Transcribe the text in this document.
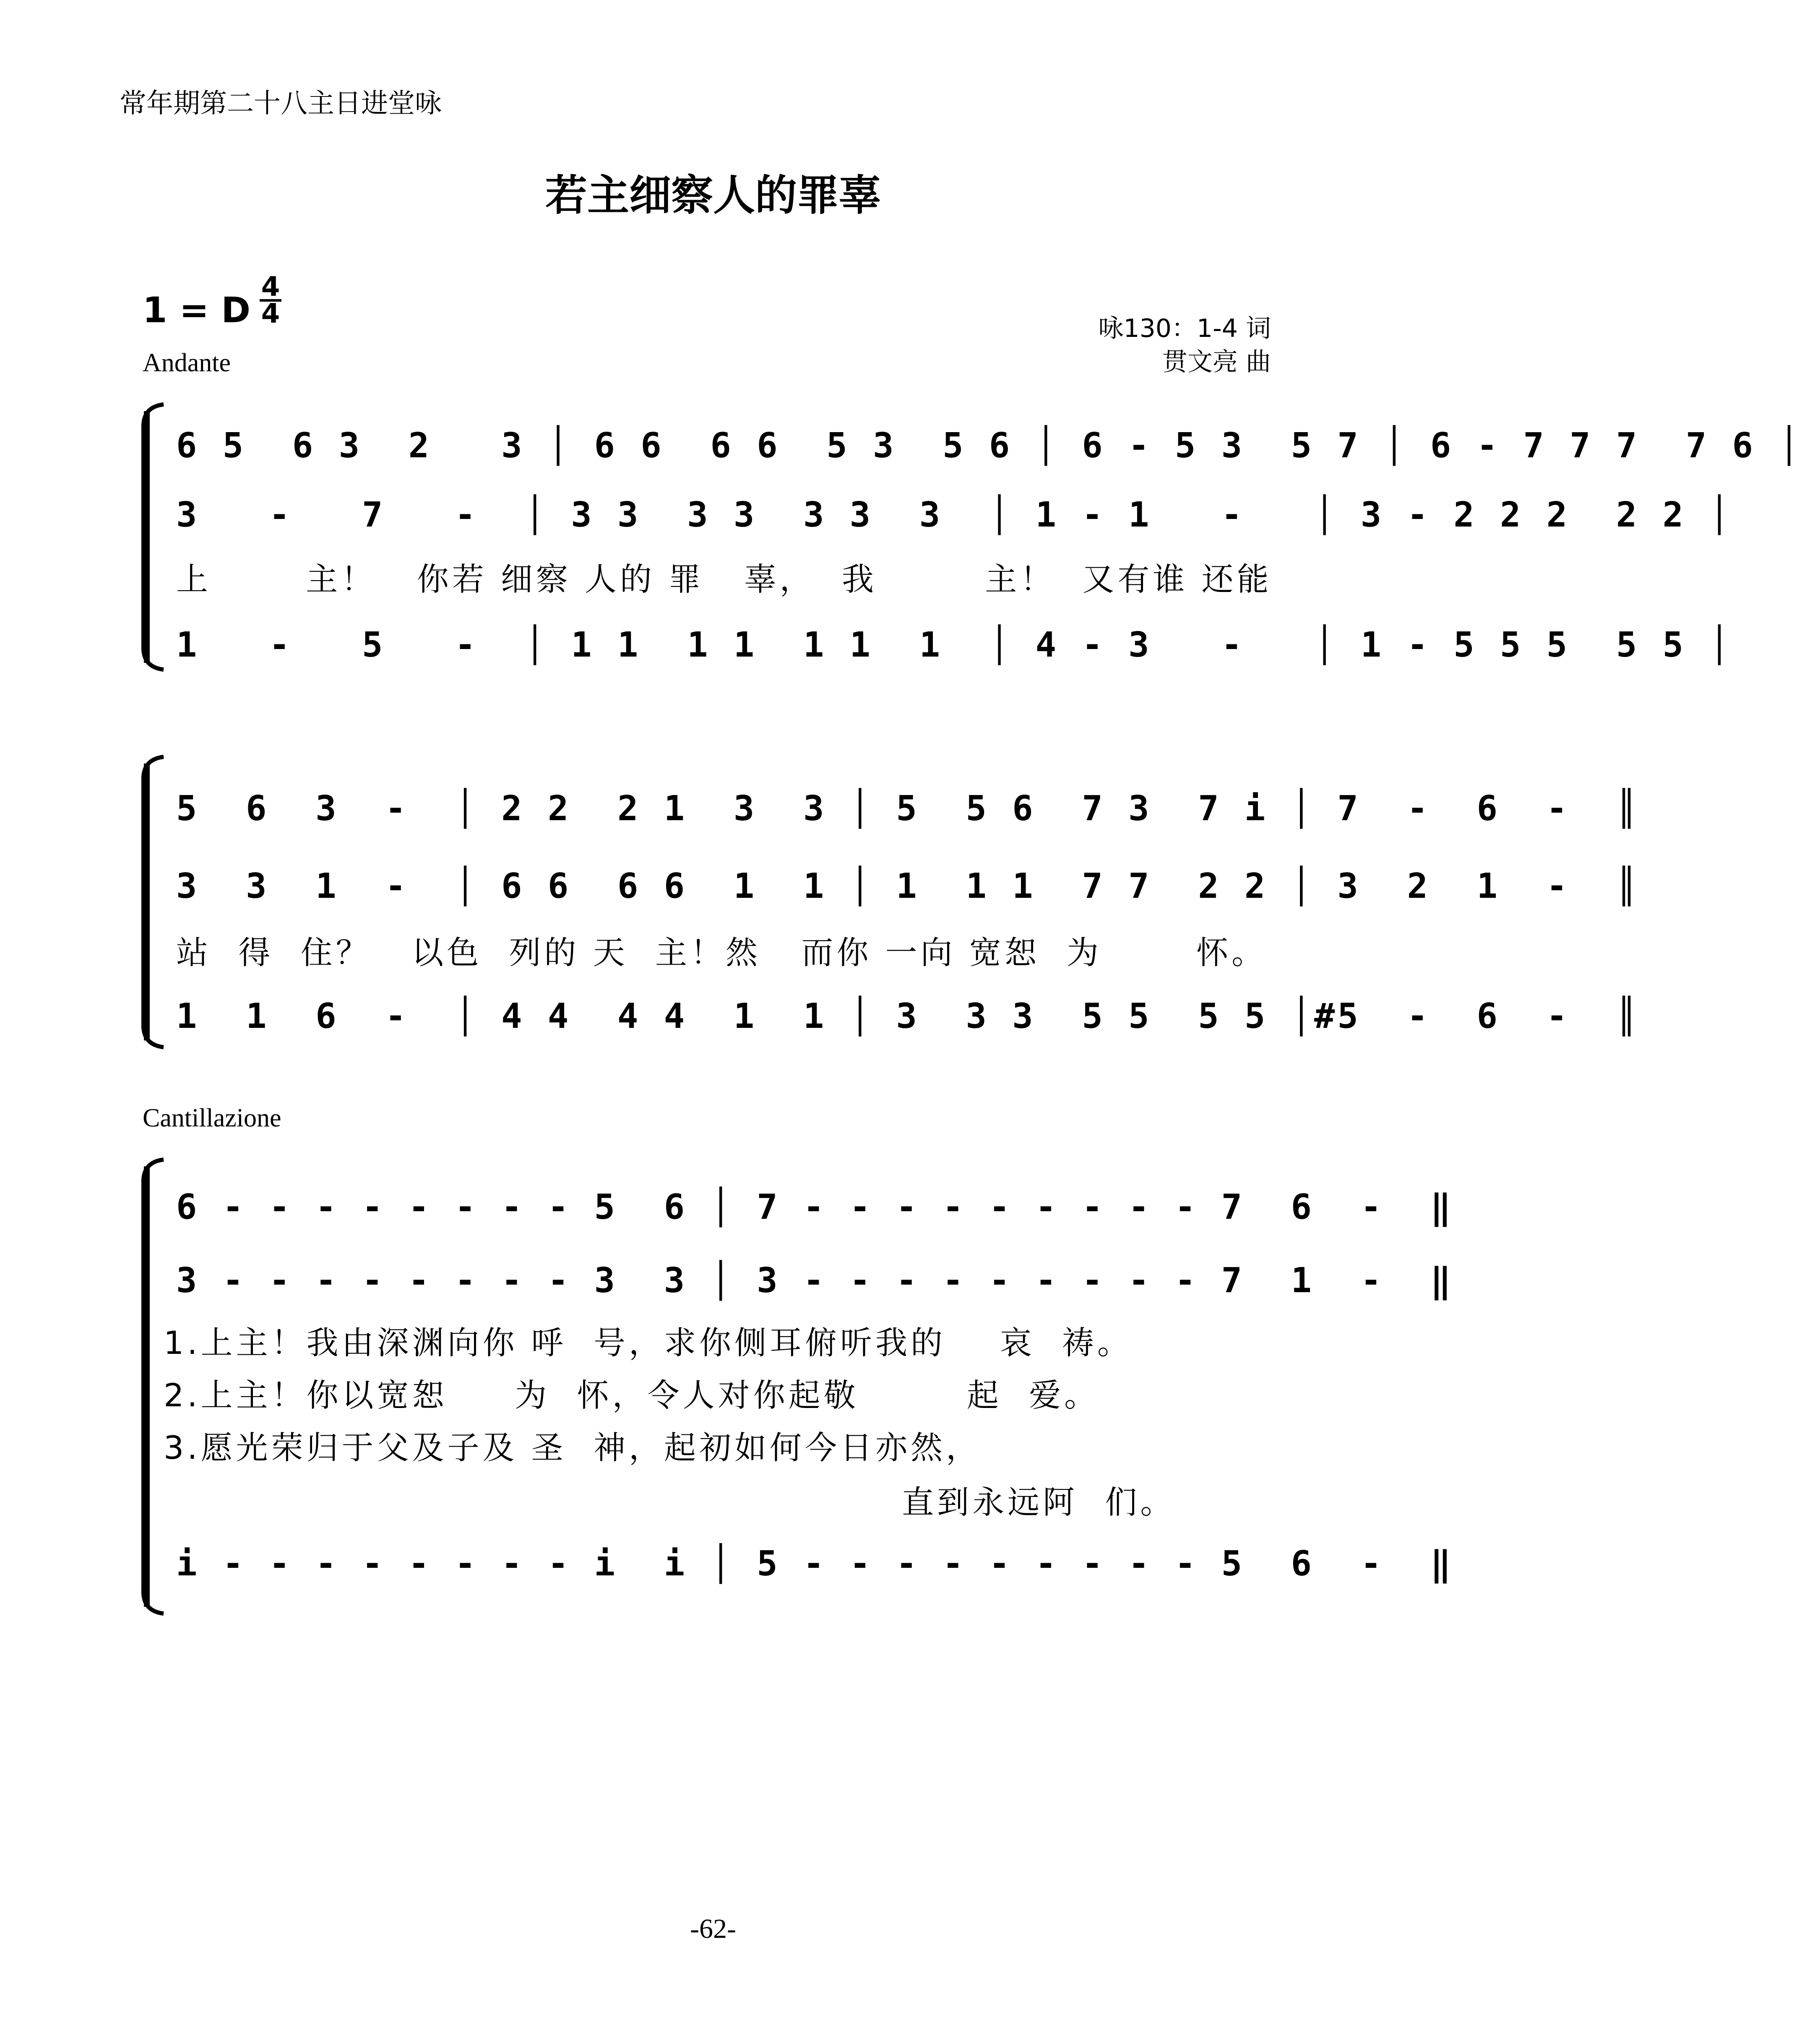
常年期第二十八主日进堂咏
若主细察人的罪辜
1 = D
4
4
Andante
咏130：1-4 词
贯文亮 曲
6 5  6 3  2   3 │ 6 6  6 6  5 3  5 6 │ 6 - 5 3  5 7 │ 6 - 7 7 7  7 6 │
3   -   7   -  │ 3 3  3 3  3 3  3  │ 1 - 1   -   │ 3 - 2 2 2  2 2 │
上       主！   你若 细察 人的 罪   辜，  我        主！  又有谁 还能
1   -   5   -  │ 1 1  1 1  1 1  1  │ 4 - 3   -   │ 1 - 5 5 5  5 5 │
5  6  3  -  │ 2 2  2 1  3  3 │ 5  5 6  7 3  7 i │ 7  -  6  -  ║
3  3  1  -  │ 6 6  6 6  1  1 │ 1  1 1  7 7  2 2 │ 3  2  1  -  ║
站  得  住？   以色  列的 天  主！然   而你 一向 宽恕  为       怀。
1  1  6  -  │ 4 4  4 4  1  1 │ 3  3 3  5 5  5 5 │#5  -  6  -  ║
Cantillazione
6 - - - - - - - - 5  6 │ 7 - - - - - - - - - 7  6  -  ‖
3 - - - - - - - - 3  3 │ 3 - - - - - - - - - 7  1  -  ‖
1.上主！我由深渊向你 呼  号，求你侧耳俯听我的    哀  祷。
2.上主！你以宽恕     为  怀，令人对你起敬        起  爱。
3.愿光荣归于父及子及 圣  神，起初如何今日亦然，
直到永远阿  们。
i - - - - - - - - i  i │ 5 - - - - - - - - - 5  6  -  ‖
-62-
